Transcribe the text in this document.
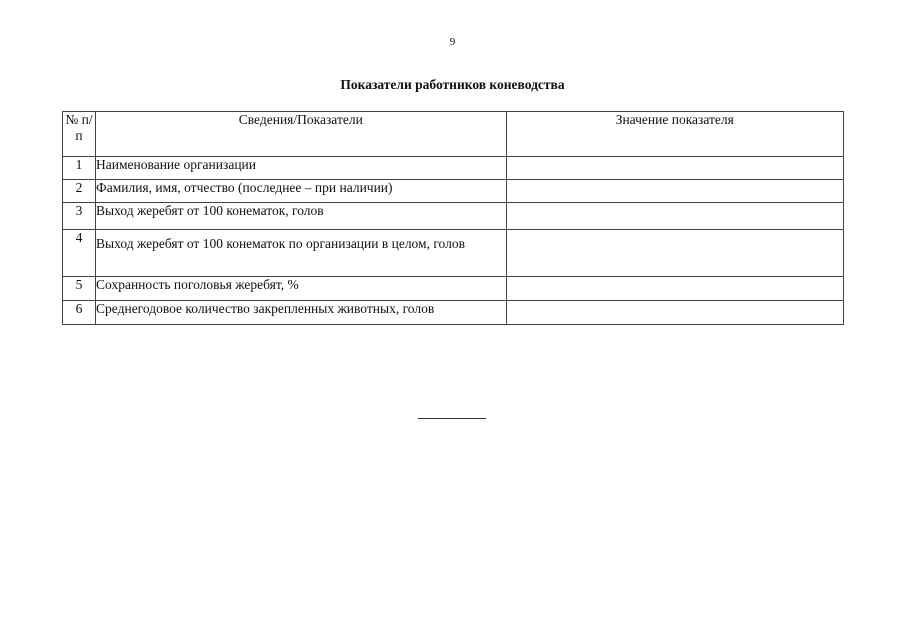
9
Показатели работников коневодства
№ п/п	Сведения/Показатели	Значение показателя
1	Наименование организации	
2	Фамилия, имя, отчество (последнее – при наличии)	
3	Выход жеребят от 100 конематок, голов	
4	Выход жеребят от 100 конематок по организации в целом, голов	
5	Сохранность поголовья жеребят, %	
6	Среднегодовое количество закрепленных животных, голов	
